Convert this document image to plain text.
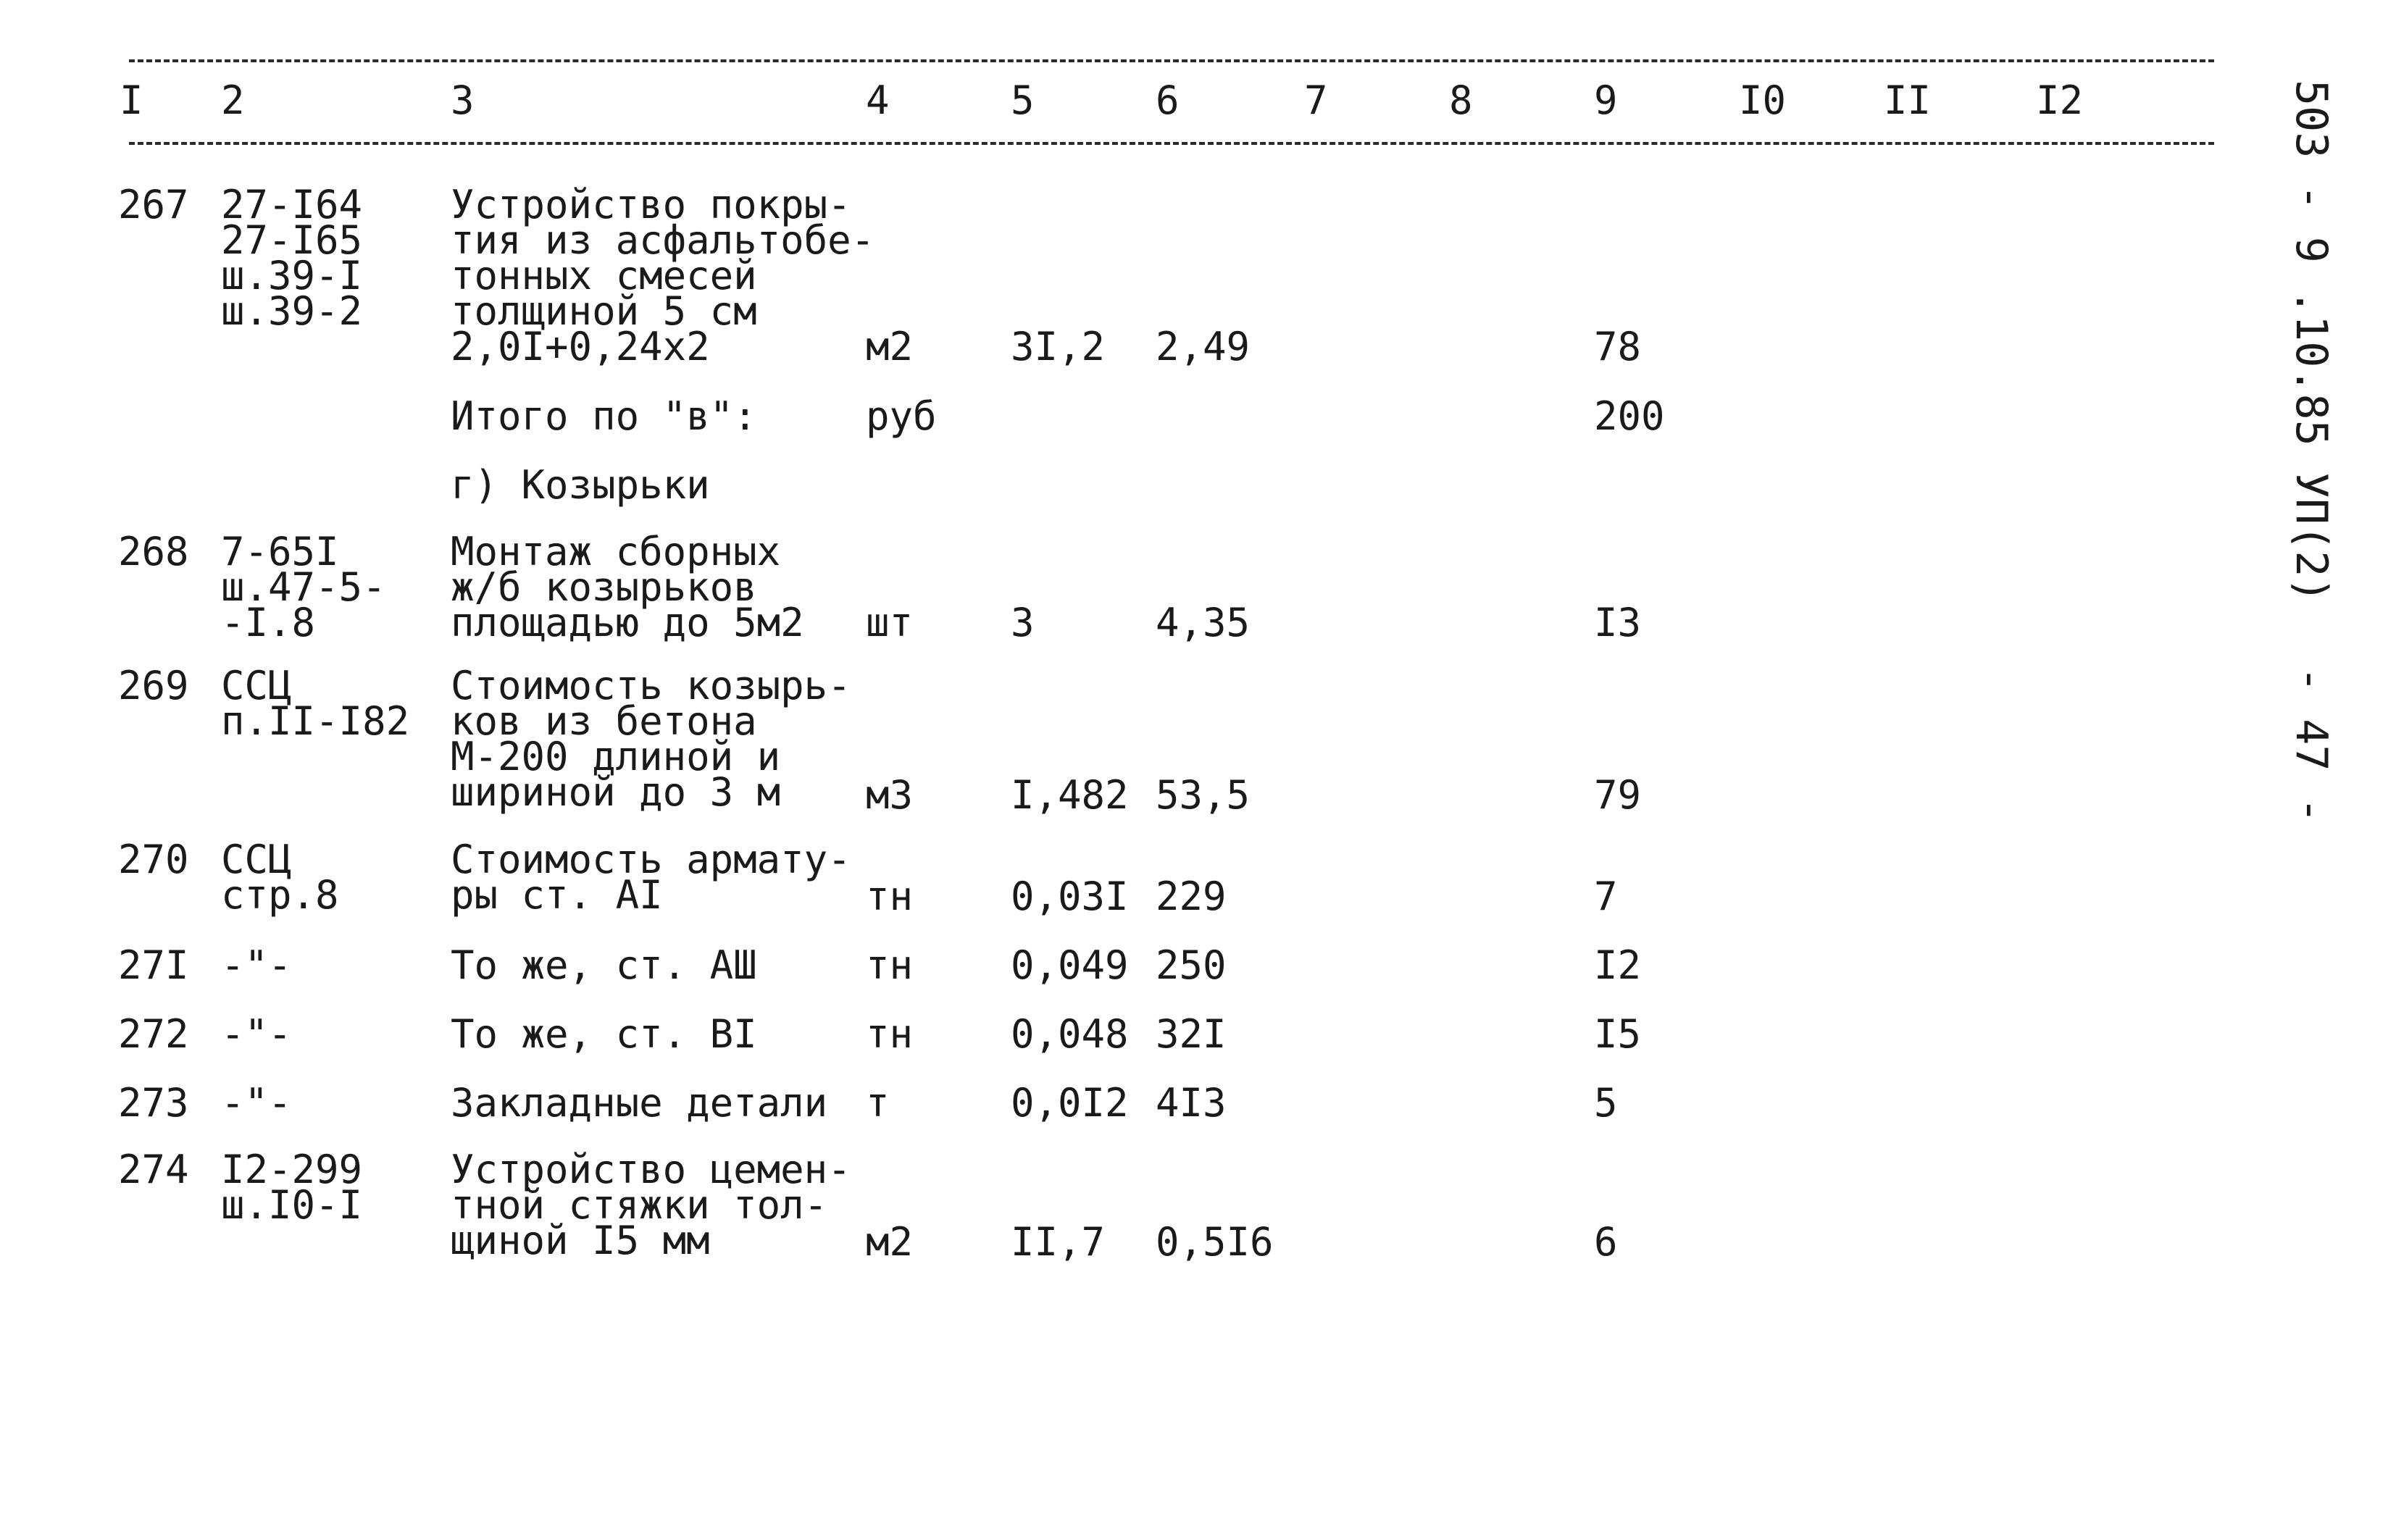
I 2	3	4	5	6	7	8	9	I0 II	I2
267 27-I64
27-I65
ш.39-I
ш.39-2
Устройство покры-
тия из асфальтобе-
тонных смесей
толщиной 5 см
2,0I+0,24х2	м2 3I,2 2,49	78
Итого по "в":	руб	200
г) Козырьки
268 7-65I
ш.47-5-
-I.8
Монтаж сборных
ж/б козырьков
площадью до 5м2 шт 3	4,35	I3
269 ССЦ
п.II-I82
Стоимость козырь-
ков из бетона
М-200 длиной и
шириной до 3 м	м3 I,482 53,5	79
270 ССЦ
стр.8
Стоимость армату-
ры ст. АI	тн 0,03I 229	7
27I -"-	То же, ст. АШ	тн 0,049 250	I2
272 -"-	То же, ст. ВI	тн 0,048 32I	I5
273 -"-	Закладные детали т	0,0I2 4I3	5
274 I2-299
ш.I0-I
Устройство цемен-
тной стяжки тол-
щиной I5 мм	м2 II,7 0,5I6	6
503 - 9 .10.85 УП(2)
- 47 -
